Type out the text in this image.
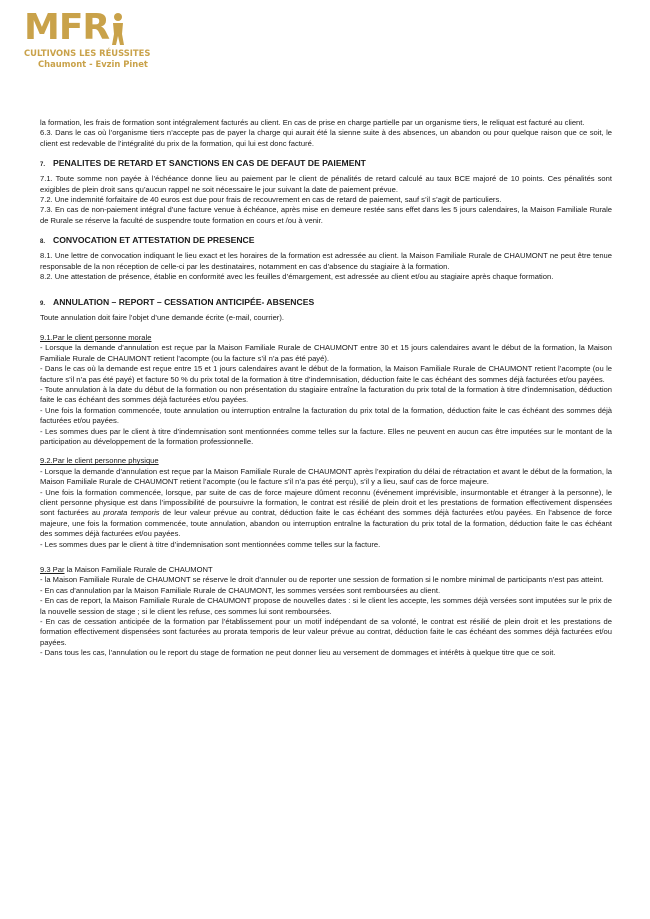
MFR
CULTIVONS LES RÉUSSITES
Chaumont - Evzin Pinet

la formation, les frais de formation sont intégralement facturés au client. En cas de prise en charge partielle par un organisme tiers, le reliquat est facturé au client.

6.3. Dans le cas où l’organisme tiers n’accepte pas de payer la charge qui aurait été la sienne suite à des absences, un abandon ou pour quelque raison que ce soit, le client est redevable de l’intégralité du prix de la formation, qui lui est donc facturé.

7. PENALITES DE RETARD ET SANCTIONS EN CAS DE DEFAUT DE PAIEMENT

7.1. Toute somme non payée à l’échéance donne lieu au paiement par le client de pénalités de retard calculé au taux BCE majoré de 10 points. Ces pénalités sont exigibles de plein droit sans qu’aucun rappel ne soit nécessaire le jour suivant la date de paiement prévue.

7.2. Une indemnité forfaitaire de 40 euros est due pour frais de recouvrement en cas de retard de paiement, sauf s’il s’agit de particuliers.

7.3. En cas de non-paiement intégral d’une facture venue à échéance, après mise en demeure restée sans effet dans les 5 jours calendaires, la Maison Familiale Rurale de Rurale se réserve la faculté de suspendre toute formation en cours et /ou à venir.

8. CONVOCATION ET ATTESTATION DE PRESENCE

8.1. Une lettre de convocation indiquant le lieu exact et les horaires de la formation est adressée au client. la Maison Familiale Rurale de CHAUMONT ne peut être tenue responsable de la non réception de celle-ci par les destinataires, notamment en cas d’absence du stagiaire à la formation.

8.2. Une attestation de présence, établie en conformité avec les feuilles d’émargement, est adressée au client et/ou au stagiaire après chaque formation.

9. ANNULATION – REPORT – CESSATION ANTICIPÉE- ABSENCES

Toute annulation doit faire l’objet d’une demande écrite (e-mail, courrier).

9.1.Par le client personne morale

- Lorsque la demande d’annulation est reçue par la Maison Familiale Rurale de CHAUMONT entre 30 et 15 jours calendaires avant le début de la formation, la Maison Familiale Rurale de CHAUMONT retient l’acompte (ou la facture s’il n’a pas été payé).

- Dans le cas où la demande est reçue entre 15 et 1 jours calendaires avant le début de la formation, la Maison Familiale Rurale de CHAUMONT retient l’acompte (ou le facture s’il n’a pas été payé) et facture 50 % du prix total de la formation à titre d’indemnisation, déduction faite le cas échéant des sommes déjà facturées et/ou payées.

- Toute annulation à la date du début de la formation ou non présentation du stagiaire entraîne la facturation du prix total de la formation à titre d’indemnisation, déduction faite le cas échéant des sommes déjà facturées et/ou payées.

- Une fois la formation commencée, toute annulation ou interruption entraîne la facturation du prix total de la formation, déduction faite le cas échéant des sommes déjà facturées et/ou payées.

- Les sommes dues par le client à titre d’indemnisation sont mentionnées comme telles sur la facture. Elles ne peuvent en aucun cas être imputées sur le montant de la participation au développement de la formation professionnelle.

9.2.Par le client personne physique

- Lorsque la demande d’annulation est reçue par la Maison Familiale Rurale de CHAUMONT après l’expiration du délai de rétractation et avant le début de la formation, la Maison Familiale Rurale de CHAUMONT retient l’acompte (ou le facture s’il n’a pas été perçu), s’il y a lieu, sauf cas de force majeure.

- Une fois la formation commencée, lorsque, par suite de cas de force majeure dûment reconnu (événement imprévisible, insurmontable et étranger à la personne), le client personne physique est dans l’impossibilité de poursuivre la formation, le contrat est résilié de plein droit et les prestations de formation effectivement dispensées sont facturées au prorata temporis de leur valeur prévue au contrat, déduction faite le cas échéant des sommes déjà facturées et/ou payées. En l’absence de force majeure, une fois la formation commencée, toute annulation, abandon ou interruption entraîne la facturation du prix total de la formation, déduction faite le cas échéant des sommes déjà facturées et/ou payées.

- Les sommes dues par le client à titre d’indemnisation sont mentionnées comme telles sur la facture.

9.3 Par la Maison Familiale Rurale de CHAUMONT

- la Maison Familiale Rurale de CHAUMONT se réserve le droit d’annuler ou de reporter une session de formation si le nombre minimal de participants n’est pas atteint.

- En cas d’annulation par la Maison Familiale Rurale de CHAUMONT, les sommes versées sont remboursées au client.

- En cas de report, la Maison Familiale Rurale de CHAUMONT propose de nouvelles dates : si le client les accepte, les sommes déjà versées sont imputées sur le prix de la nouvelle session de stage ; si le client les refuse, ces sommes lui sont remboursées.

- En cas de cessation anticipée de la formation par l’établissement pour un motif indépendant de sa volonté, le contrat est résilié de plein droit et les prestations de formation effectivement dispensées sont facturées au prorata temporis de leur valeur prévue au contrat, déduction faite le cas échéant des sommes déjà facturées et/ou payées.

- Dans tous les cas, l’annulation ou le report du stage de formation ne peut donner lieu au versement de dommages et intérêts à quelque titre que ce soit.
